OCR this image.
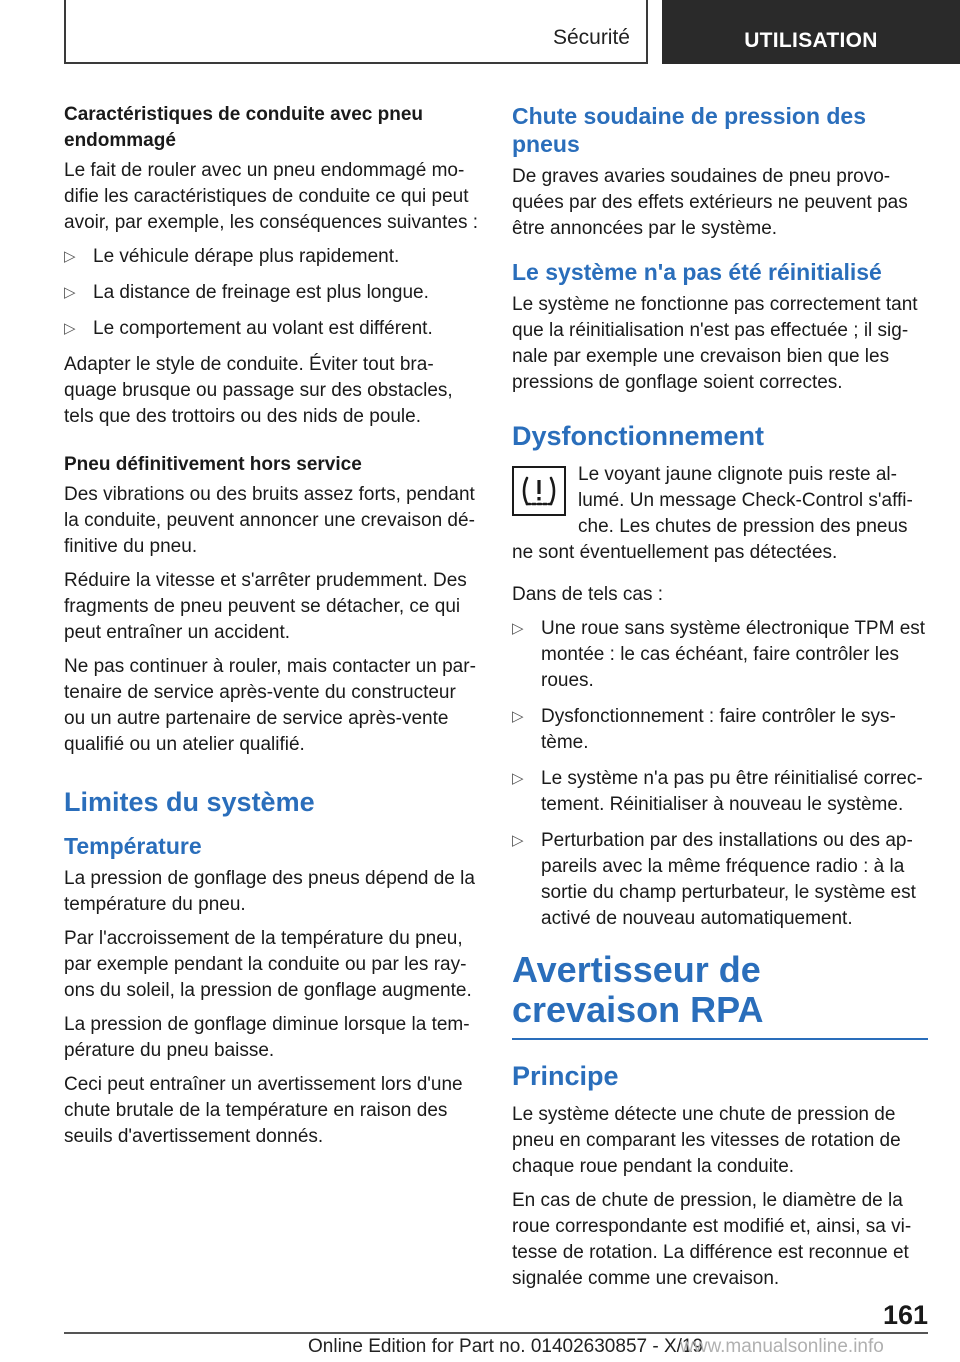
Sécurité	UTILISATION
Caractéristiques de conduite avec pneu endommagé

Le fait de rouler avec un pneu endommagé modifie les caractéristiques de conduite ce qui peut avoir, par exemple, les conséquences suivantes :

▷ Le véhicule dérape plus rapidement.
▷ La distance de freinage est plus longue.
▷ Le comportement au volant est différent.

Adapter le style de conduite. Éviter tout braquage brusque ou passage sur des obstacles, tels que des trottoirs ou des nids de poule.

Pneu définitivement hors service

Des vibrations ou des bruits assez forts, pendant la conduite, peuvent annoncer une crevaison définitive du pneu.

Réduire la vitesse et s'arrêter prudemment. Des fragments de pneu peuvent se détacher, ce qui peut entraîner un accident.

Ne pas continuer à rouler, mais contacter un partenaire de service après-vente du constructeur ou un autre partenaire de service après-vente qualifié ou un atelier qualifié.

Limites du système
Température

La pression de gonflage des pneus dépend de la température du pneu.

Par l'accroissement de la température du pneu, par exemple pendant la conduite ou par les rayons du soleil, la pression de gonflage augmente.

La pression de gonflage diminue lorsque la température du pneu baisse.

Ceci peut entraîner un avertissement lors d'une chute brutale de la température en raison des seuils d'avertissement donnés.

Chute soudaine de pression des pneus

De graves avaries soudaines de pneu provoquées par des effets extérieurs ne peuvent pas être annoncées par le système.

Le système n'a pas été réinitialisé

Le système ne fonctionne pas correctement tant que la réinitialisation n'est pas effectuée ; il signale par exemple une crevaison bien que les pressions de gonflage soient correctes.

Dysfonctionnement

Le voyant jaune clignote puis reste allumé. Un message Check-Control s'affiche. Les chutes de pression des pneus ne sont éventuellement pas détectées.

Dans de tels cas :

▷ Une roue sans système électronique TPM est montée : le cas échéant, faire contrôler les roues.
▷ Dysfonctionnement : faire contrôler le système.
▷ Le système n'a pas pu être réinitialisé correctement. Réinitialiser à nouveau le système.
▷ Perturbation par des installations ou des appareils avec la même fréquence radio : à la sortie du champ perturbateur, le système est activé de nouveau automatiquement.
Avertisseur de crevaison RPA
Principe

Le système détecte une chute de pression de pneu en comparant les vitesses de rotation de chaque roue pendant la conduite.

En cas de chute de pression, le diamètre de la roue correspondante est modifié et, ainsi, sa vitesse de rotation. La différence est reconnue et signalée comme une crevaison.

161
Online Edition for Part no. 01402630857 - X/19
www.manualsonline.info
